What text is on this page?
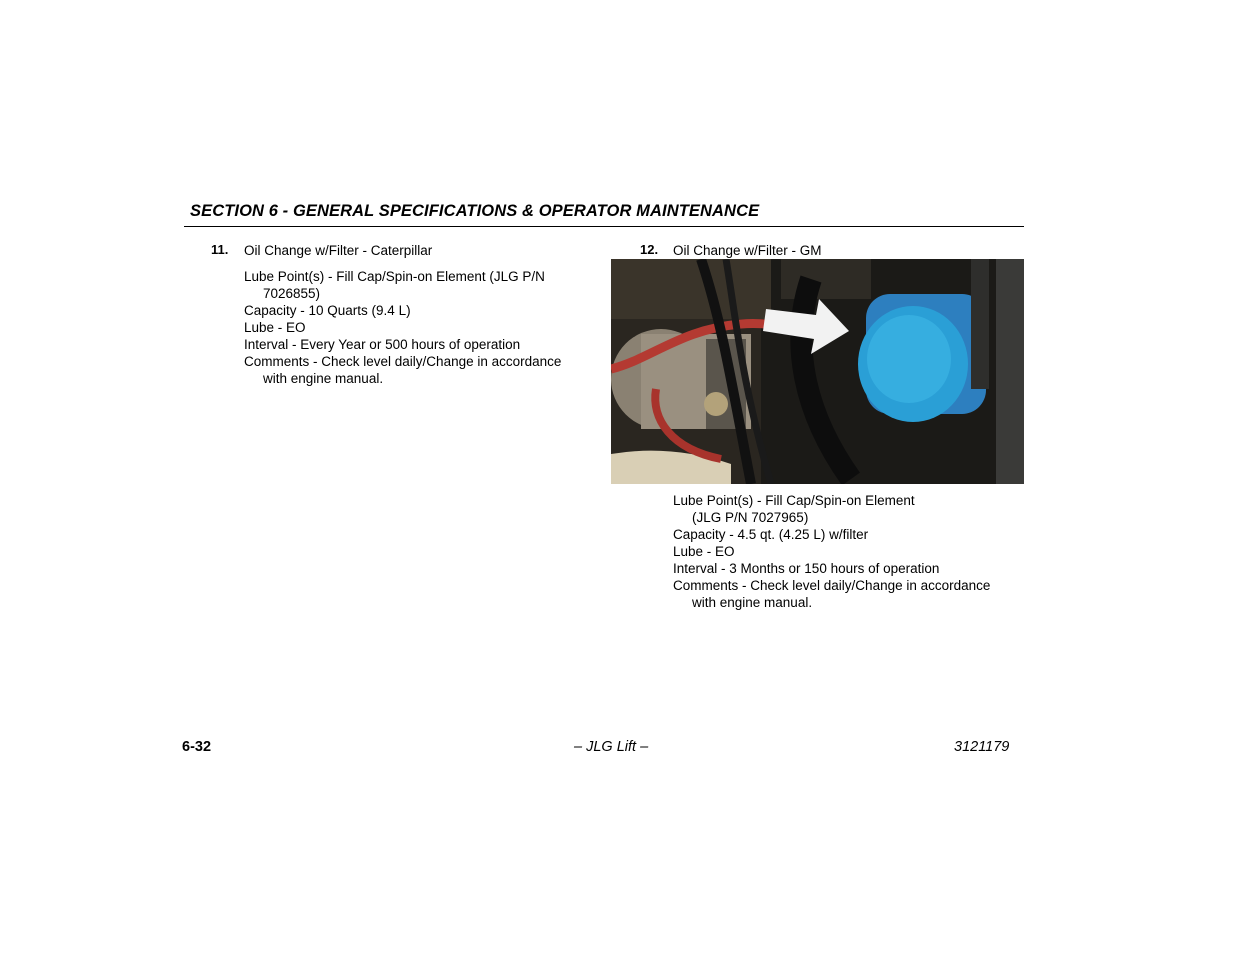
SECTION 6 - GENERAL SPECIFICATIONS & OPERATOR MAINTENANCE
11. Oil Change w/Filter - Caterpillar
Lube Point(s) - Fill Cap/Spin-on Element (JLG P/N
7026855)
Capacity - 10 Quarts (9.4 L)
Lube - EO
Interval - Every Year or 500 hours of operation
Comments - Check level daily/Change in accordance
with engine manual.
12. Oil Change w/Filter - GM
Lube Point(s) - Fill Cap/Spin-on Element
(JLG P/N 7027965)
Capacity - 4.5 qt. (4.25 L) w/filter
Lube - EO
Interval - 3 Months or 150 hours of operation
Comments - Check level daily/Change in accordance
with engine manual.
6-32	– JLG Lift –	3121179
